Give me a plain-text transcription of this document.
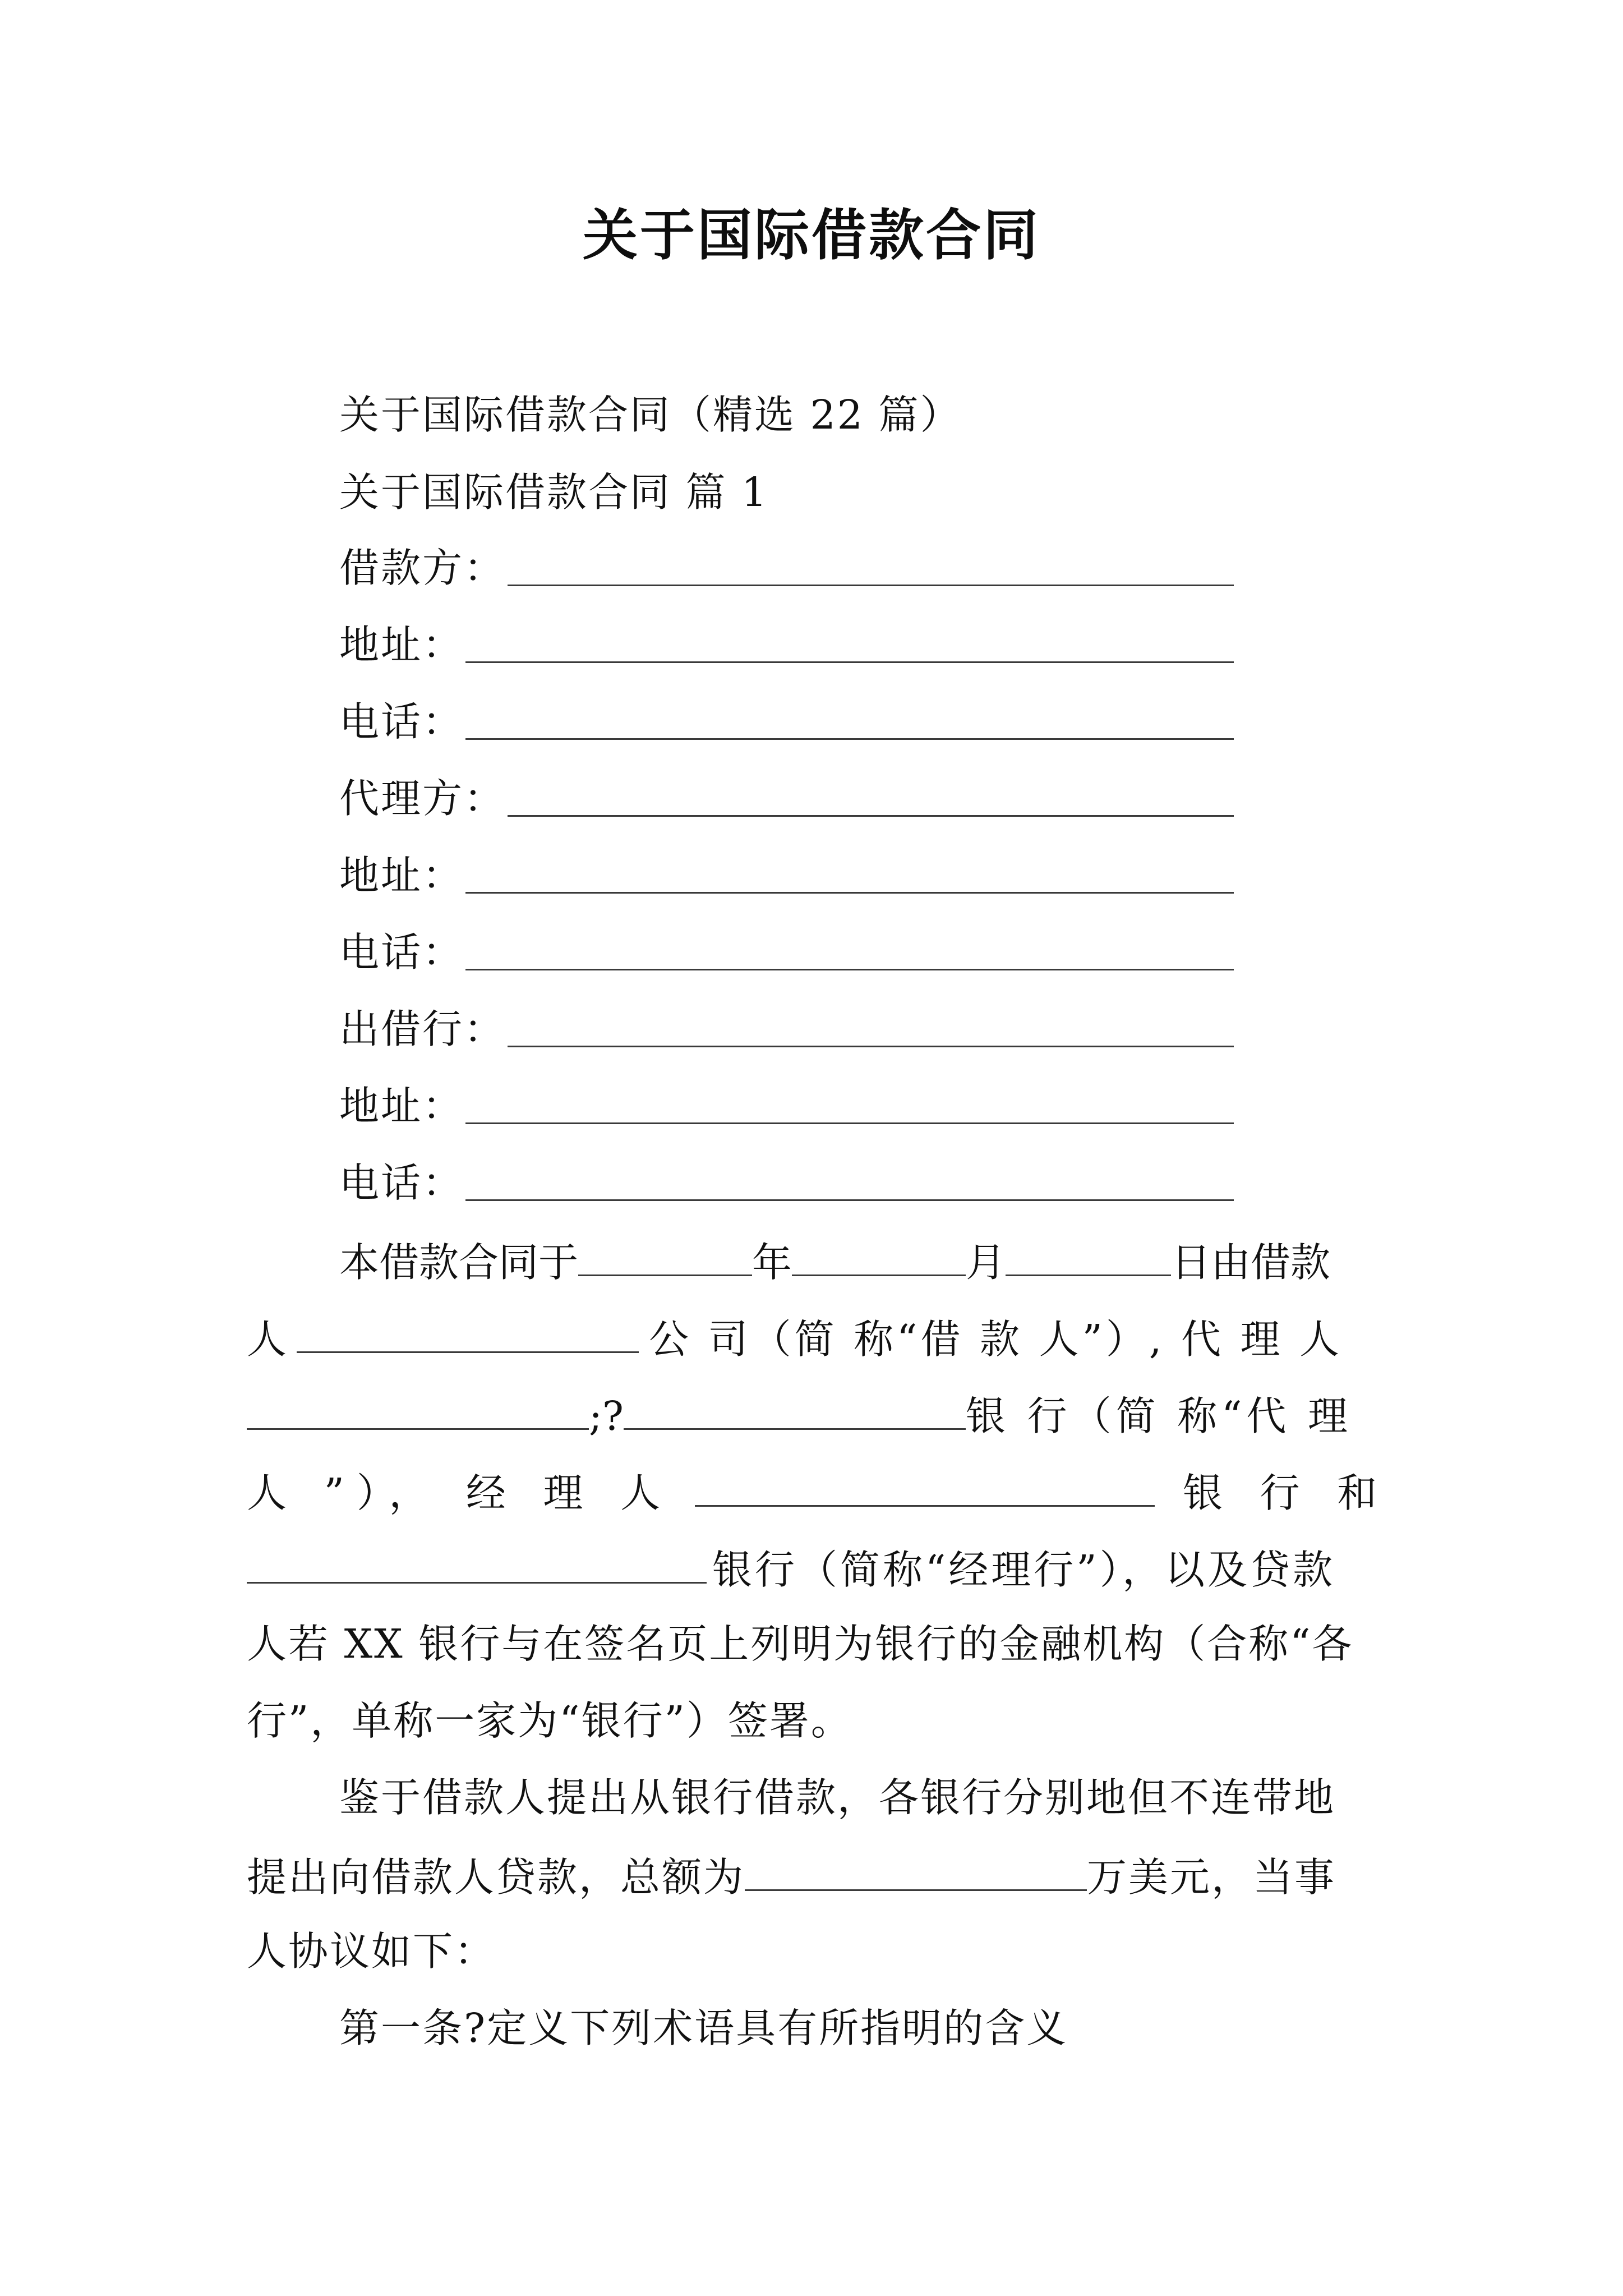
关于国际借款合同
关于国际借款合同（精选 22 篇）
关于国际借款合同 篇 1
借款方：
地址：
电话：
代理方：
地址：
电话：
出借行：
地址：
电话：
本借款合同于	年	月	日由借款
人	公 司（简 称“借 款 人”）, 代 理 人
;?	银 行（简 称“代 理
人 ”）， 经 理 人	银 行 和
银行（简称“经理行”），以及贷款
人若 XX 银行与在签名页上列明为银行的金融机构（合称“各
行”，单称一家为“银行”）签署。
鉴于借款人提出从银行借款，各银行分别地但不连带地
提出向借款人贷款，总额为	万美元，当事
人协议如下：
第一条?定义下列术语具有所指明的含义
